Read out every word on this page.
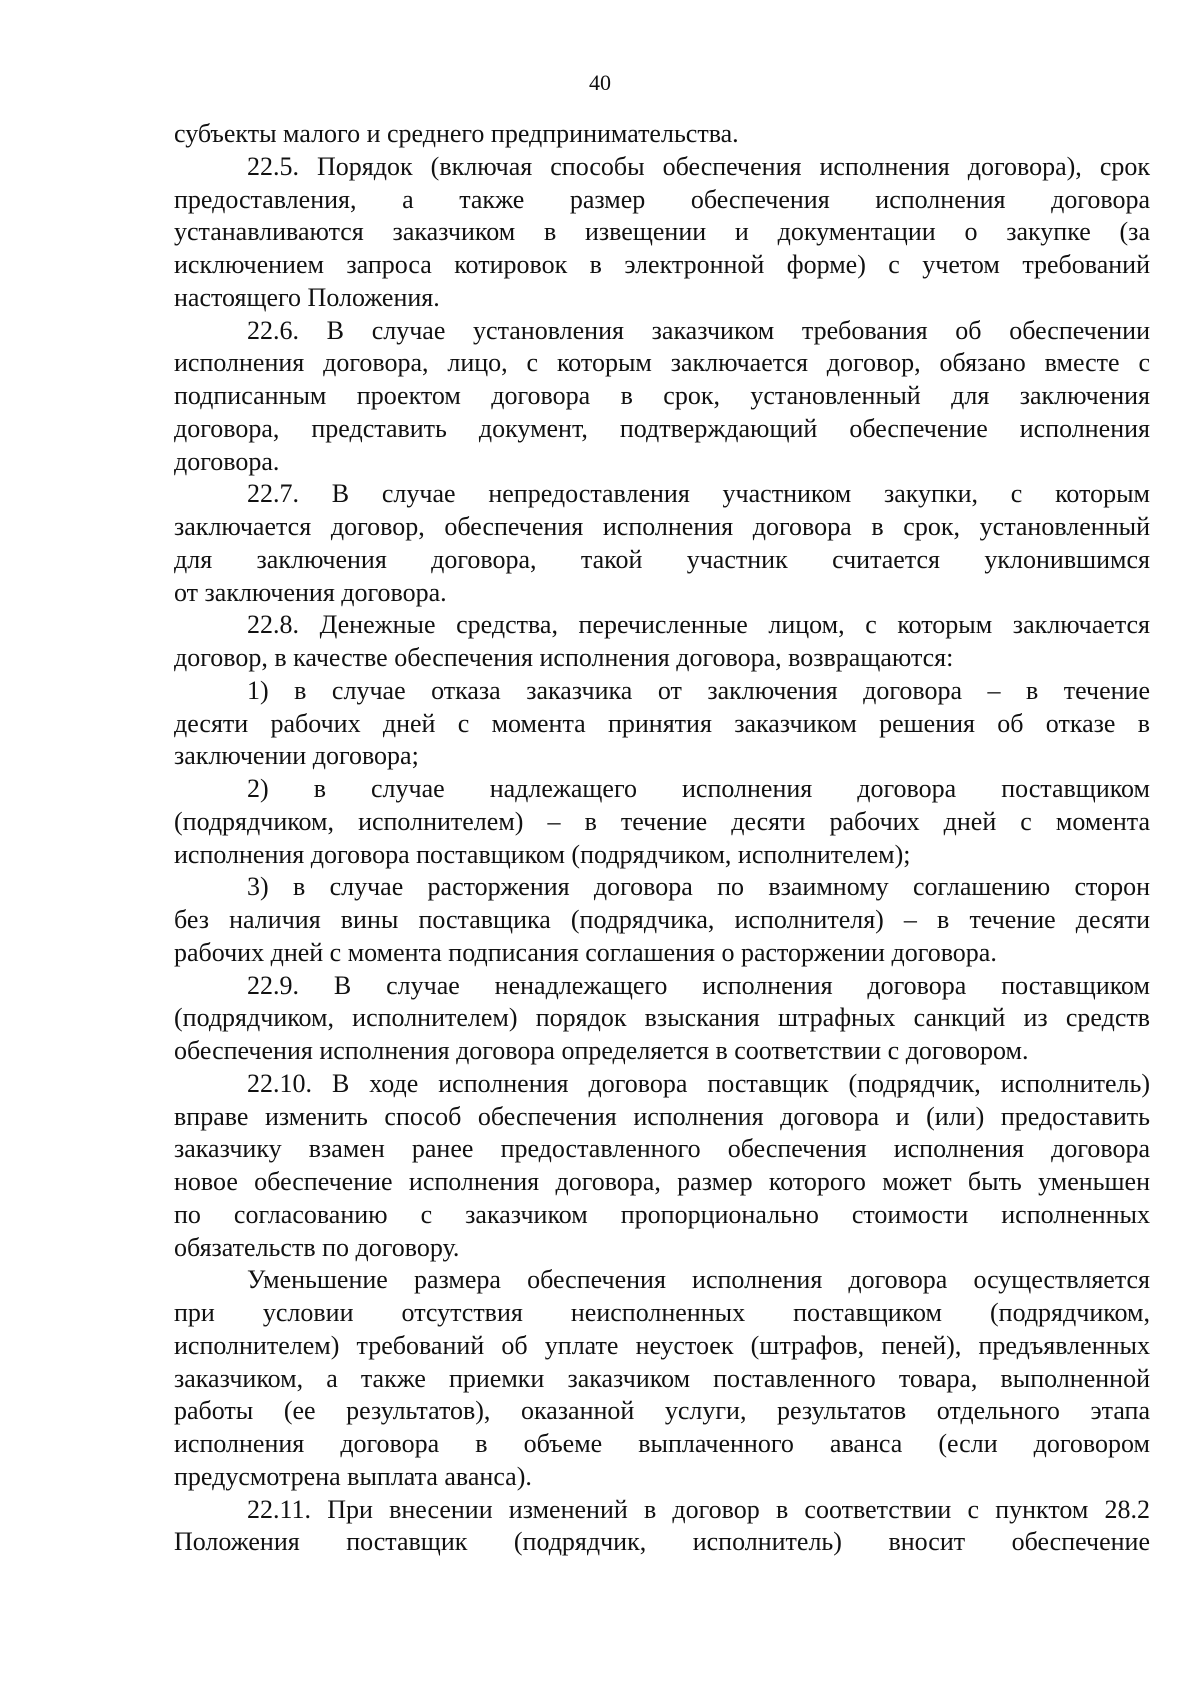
40
субъекты малого и среднего предпринимательства.
22.5. Порядок (включая способы обеспечения исполнения договора), срок
предоставления, а также размер обеспечения исполнения договора
устанавливаются заказчиком в извещении и документации о закупке (за
исключением запроса котировок в электронной форме) с учетом требований
настоящего Положения.
22.6. В случае установления заказчиком требования об обеспечении
исполнения договора, лицо, с которым заключается договор, обязано вместе с
подписанным проектом договора в срок, установленный для заключения
договора, представить документ, подтверждающий обеспечение исполнения
договора.
22.7. В случае непредоставления участником закупки, с которым
заключается договор, обеспечения исполнения договора в срок, установленный
для заключения договора, такой участник считается уклонившимся
от заключения договора.
22.8. Денежные средства, перечисленные лицом, с которым заключается
договор, в качестве обеспечения исполнения договора, возвращаются:
1) в случае отказа заказчика от заключения договора – в течение
десяти рабочих дней с момента принятия заказчиком решения об отказе в
заключении договора;
2) в случае надлежащего исполнения договора поставщиком
(подрядчиком, исполнителем) – в течение десяти рабочих дней с момента
исполнения договора поставщиком (подрядчиком, исполнителем);
3) в случае расторжения договора по взаимному соглашению сторон
без наличия вины поставщика (подрядчика, исполнителя) – в течение десяти
рабочих дней с момента подписания соглашения о расторжении договора.
22.9. В случае ненадлежащего исполнения договора поставщиком
(подрядчиком, исполнителем) порядок взыскания штрафных санкций из средств
обеспечения исполнения договора определяется в соответствии с договором.
22.10. В ходе исполнения договора поставщик (подрядчик, исполнитель)
вправе изменить способ обеспечения исполнения договора и (или) предоставить
заказчику взамен ранее предоставленного обеспечения исполнения договора
новое обеспечение исполнения договора, размер которого может быть уменьшен
по согласованию с заказчиком пропорционально стоимости исполненных
обязательств по договору.
Уменьшение размера обеспечения исполнения договора осуществляется
при условии отсутствия неисполненных поставщиком (подрядчиком,
исполнителем) требований об уплате неустоек (штрафов, пеней), предъявленных
заказчиком, а также приемки заказчиком поставленного товара, выполненной
работы (ее результатов), оказанной услуги, результатов отдельного этапа
исполнения договора в объеме выплаченного аванса (если договором
предусмотрена выплата аванса).
22.11. При внесении изменений в договор в соответствии с пунктом 28.2
Положения поставщик (подрядчик, исполнитель) вносит обеспечение
